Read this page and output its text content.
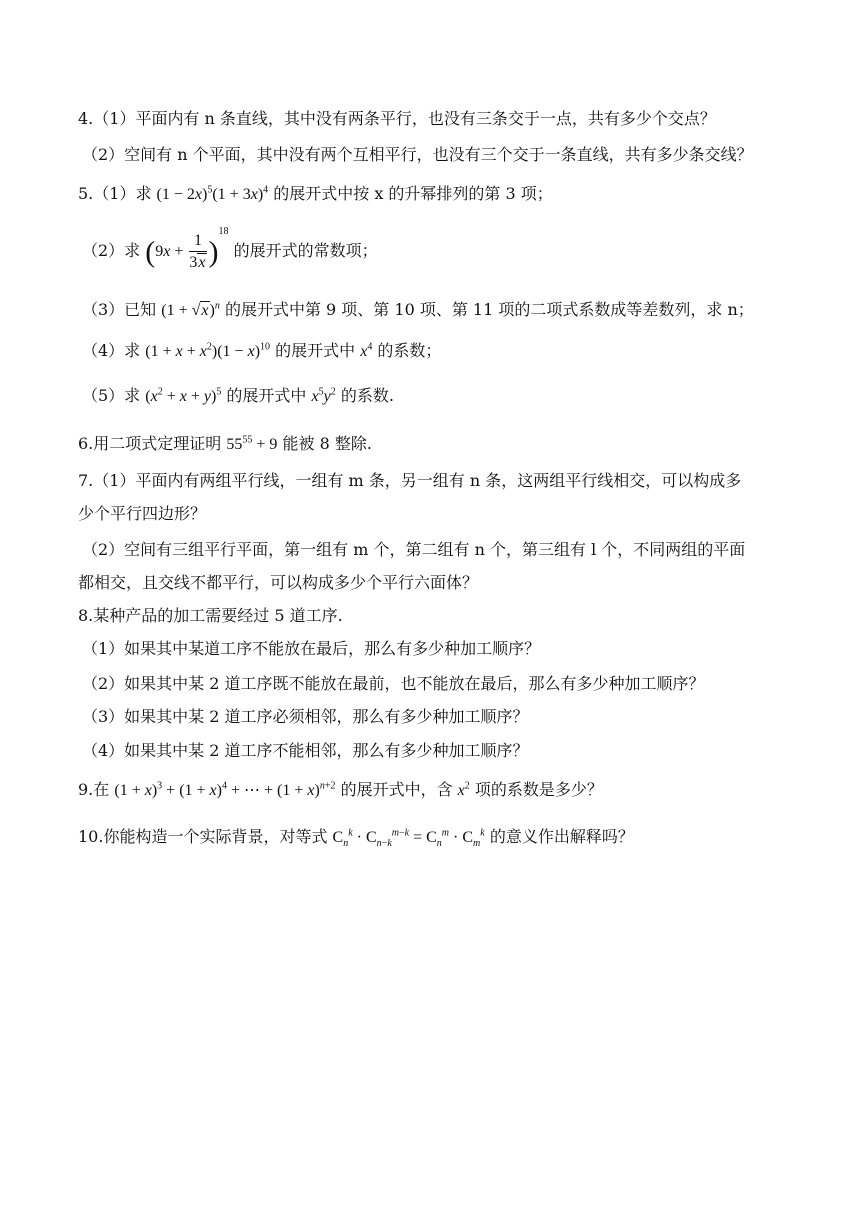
4.（1）平面内有 n 条直线，其中没有两条平行，也没有三条交于一点，共有多少个交点？
（2）空间有 n 个平面，其中没有两个互相平行，也没有三个交于一条直线，共有多少条交线？
5.（1）求 $(1 - 2x)^5(1 + 3x)^4$ 的展开式中按 x 的升幂排列的第 3 项；
（2）求 $(9x + \frac{1}{3x} )^{18}$ 的展开式的常数项；
（3）已知 $(1 + √x)^n$ 的展开式中第 9 项、第 10 项、第 11 项的二项式系数成等差数列，求 n；
（4）求 $(1 + x + x^2)(1 - x)^{10}$ 的展开式中 $x^4$ 的系数；
（5）求 $(x^2 + x + y)^5$ 的展开式中 $x^5y^2$ 的系数.
6.用二项式定理证明 $55^{55} + 9$ 能被 8 整除.
7.（1）平面内有两组平行线，一组有 m 条，另一组有 n 条，这两组平行线相交，可以构成多
少个平行四边形？
（2）空间有三组平行平面，第一组有 m 个，第二组有 n 个，第三组有 l 个，不同两组的平面
都相交，且交线不都平行，可以构成多少个平行六面体？
8.某种产品的加工需要经过 5 道工序.
（1）如果其中某道工序不能放在最后，那么有多少种加工顺序？
（2）如果其中某 2 道工序既不能放在最前，也不能放在最后，那么有多少种加工顺序？
（3）如果其中某 2 道工序必须相邻，那么有多少种加工顺序？
（4）如果其中某 2 道工序不能相邻，那么有多少种加工顺序？
9.在 $(1 + x)^3 + (1 + x)^4$ + ⋯ + $(1 + x)^{n+2}$ 的展开式中，含 $x^2$ 项的系数是多少？
10.你能构造一个实际背景，对等式 $C_n^k \cdot C_{n-k}^{m-k} = C_n^m \cdot C_m^k$ 的意义作出解释吗？
